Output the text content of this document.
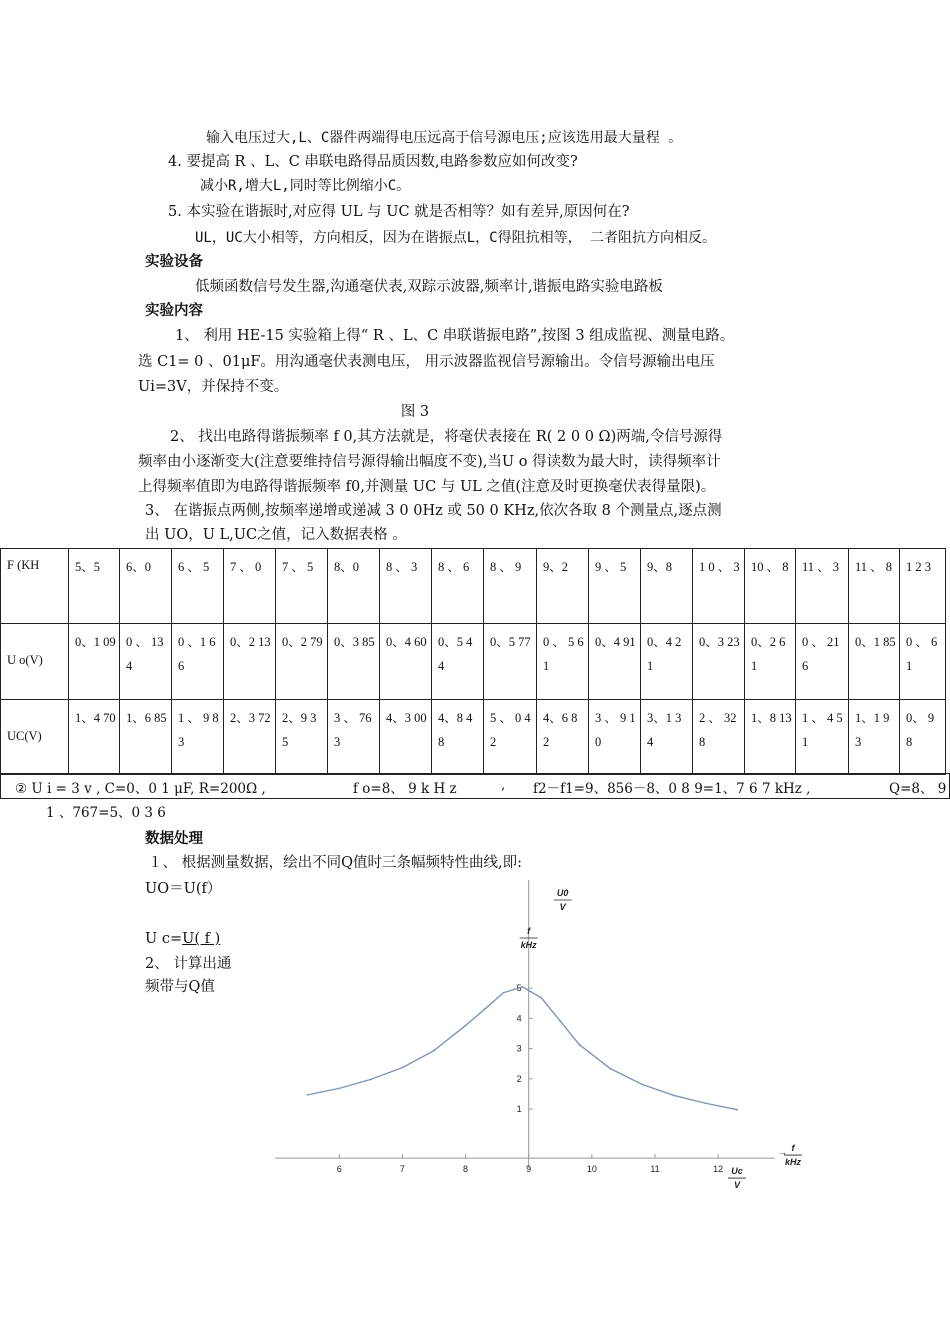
输入电压过大,L、C器件两端得电压远高于信号源电压;应该选用最大量程 。
4. 要提高 R 、L、C 串联电路得品质因数,电路参数应如何改变?
减小R,增大L,同时等比例缩小C。
5. 本实验在谐振时,对应得 UL 与 UC 就是否相等？如有差异,原因何在?
UL，UC大小相等，方向相反，因为在谐振点L，C得阻抗相等， 二者阻抗方向相反。
实验设备
低频函数信号发生器,沟通毫伏表,双踪示波器,频率计,谐振电路实验电路板
实验内容
1、 利用 HE-15 实验箱上得“ R 、L、C 串联谐振电路”,按图 3 组成监视、测量电路。
选 C1= 0 、01μF。用沟通毫伏表测电压， 用示波器监视信号源输出。令信号源输出电压
Ui=3V，并保持不变。
图 3
2、 找出电路得谐振频率 f 0,其方法就是，将毫伏表接在 R( 2 0 0 Ω)两端,令信号源得
频率由小逐渐变大(注意要维持信号源得输出幅度不变),当U o 得读数为最大时，读得频率计
上得频率值即为电路得谐振频率 f0,并测量 UC 与 UL 之值(注意及时更换毫伏表得量限)。
3、 在谐振点两侧,按频率递增或递减 3 0 0Hz 或 50 0 KHz,依次各取 8 个测量点,逐点测
出 UO，U L,UC之值，记入数据表格 。
F (KH	5、5	6、0	6 、 5	7 、 0	7 、 5	8、0	8 、 3	8 、 6	8 、 9	9、2	9 、 5	9、8	1 0 、 3	10 、 8	11 、 3	11 、 8	1 2 3
U o(V)	0、1 09	0 、 134	0 、1 6 6	0、2 13	0、2 79	0、3 85	0、4 60	0、5 4 4	0、5 77	0 、 5 6 1	0、4 91	0、4 2 1	0、3 23	0、2 6 1	0 、 216	0、1 85	0 、 61
UC(V)	1、4 70	1、6 85	1 、 9 8 3	2、3 72	2、9 3 5	3 、 76 3	4、3 00	4、8 4 8	5 、 0 4 2	4、6 8 2	3 、 9 1 0	3、1 3 4	2 、 328	1、8 13	1 、 4 51	1、1 9 3	0、 9 8
② U i = 3 v , C=0、0 1 μF, R=200Ω ,	f o=8、 9 k H z	, f2－f1=9、856－8、0 8 9=1、7 6 7 kHz ,	Q=8、 9
1 、767=5、0 3 6
数据处理
１、 根据测量数据，绘出不同Q值时三条幅频特性曲线,即:
UO＝U(f）
U c=U( f )
2、 计算出通
频带与Q值
6	7	8	9	10	11	12
1
2
3
4
5
U0
V
f
kHz
Uc
V
f
kHz
→
